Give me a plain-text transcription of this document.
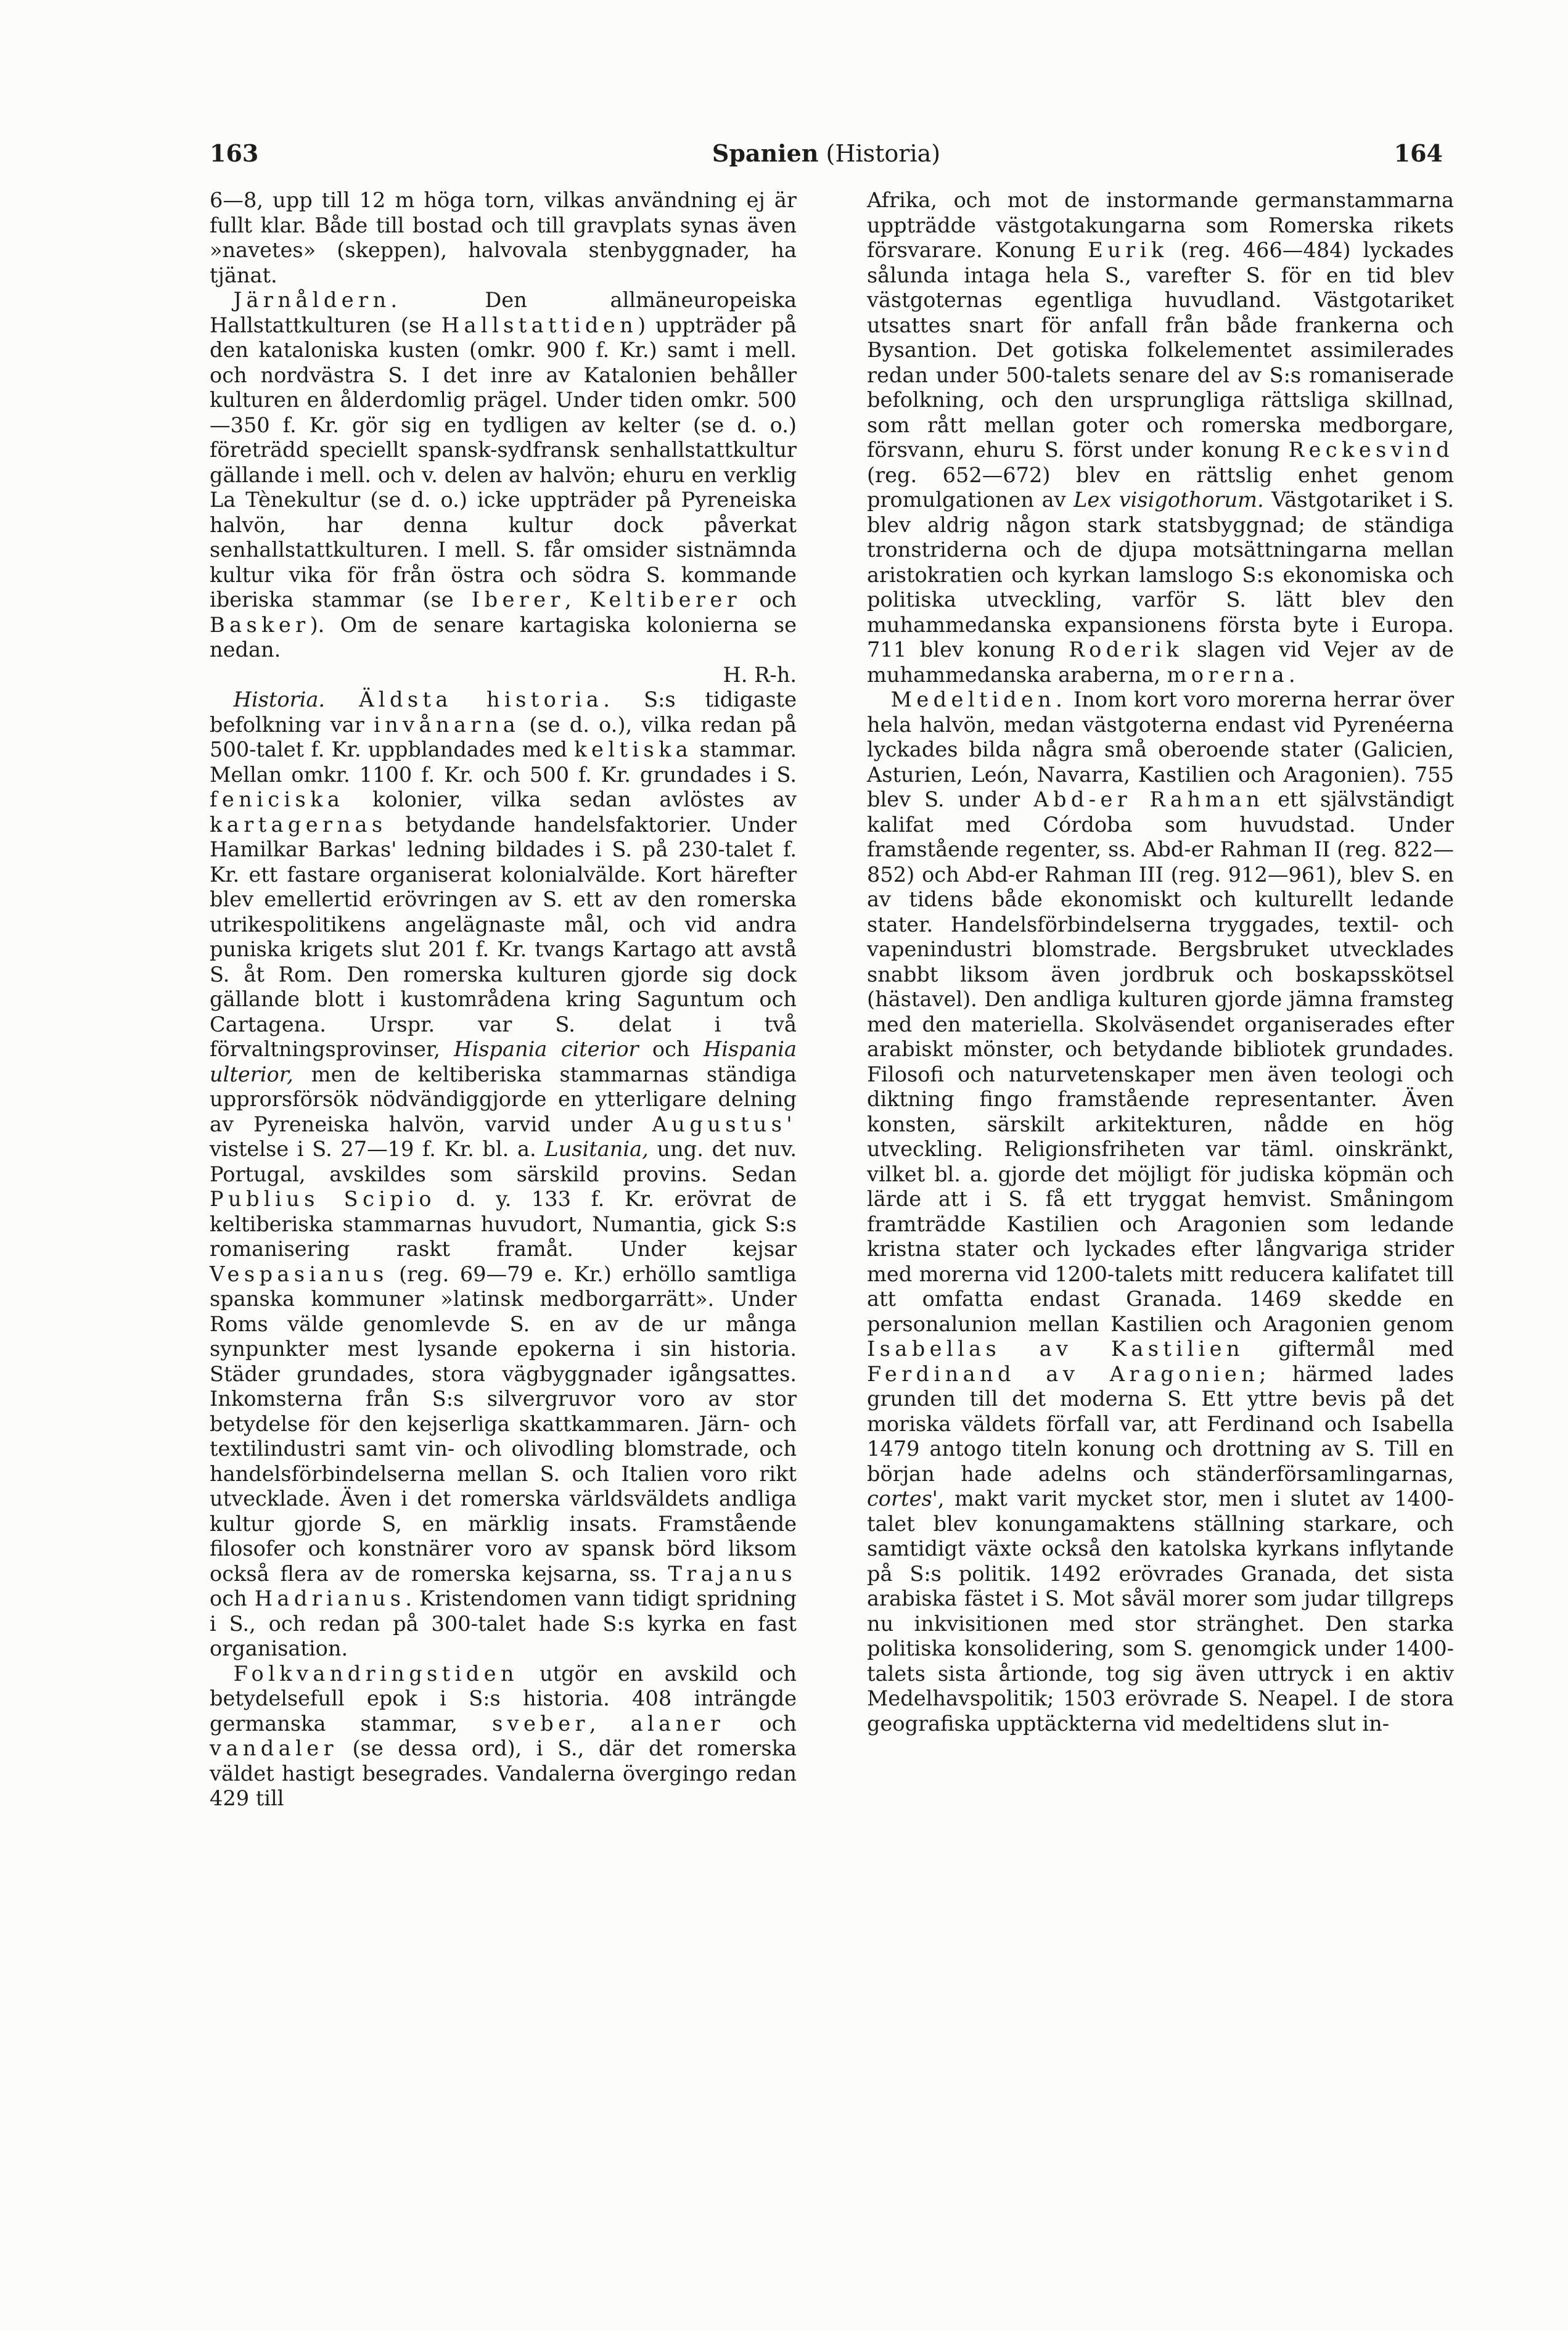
163	Spanien (Historia)	164

6—8, upp till 12 m höga torn, vilkas användning ej är fullt klar. Både till bostad och till gravplats synas även »navetes» (skeppen), halvovala stenbyggnader, ha tjänat.

Järnåldern. Den allmäneuropeiska Hallstattkulturen (se Hallstattiden) uppträder på den kataloniska kusten (omkr. 900 f. Kr.) samt i mell. och nordvästra S. I det inre av Katalonien behåller kulturen en ålderdomlig prägel. Under tiden omkr. 500—350 f. Kr. gör sig en tydligen av kelter (se d. o.) företrädd speciellt spansk-sydfransk senhallstattkultur gällande i mell. och v. delen av halvön; ehuru en verklig La Tènekultur (se d. o.) icke uppträder på Pyreneiska halvön, har denna kultur dock påverkat senhallstattkulturen. I mell. S. får omsider sistnämnda kultur vika för från östra och södra S. kommande iberiska stammar (se Iberer, Keltiberer och Basker). Om de senare kartagiska kolonierna se nedan.
H. R-h.

Historia. Äldsta historia. S:s tidigaste befolkning var invånarna (se d. o.), vilka redan på 500-talet f. Kr. uppblandades med keltiska stammar. Mellan omkr. 1100 f. Kr. och 500 f. Kr. grundades i S. feniciska kolonier, vilka sedan avlöstes av kartagernas betydande handelsfaktorier. Under Hamilkar Barkas' ledning bildades i S. på 230-talet f. Kr. ett fastare organiserat kolonialvälde. Kort härefter blev emellertid erövringen av S. ett av den romerska utrikespolitikens angelägnaste mål, och vid andra puniska krigets slut 201 f. Kr. tvangs Kartago att avstå S. åt Rom. Den romerska kulturen gjorde sig dock gällande blott i kustområdena kring Saguntum och Cartagena. Urspr. var S. delat i två förvaltningsprovinser, Hispania citerior och Hispania ulterior, men de keltiberiska stammarnas ständiga upprorsförsök nödvändiggjorde en ytterligare delning av Pyreneiska halvön, varvid under Augustus' vistelse i S. 27—19 f. Kr. bl. a. Lusitania, ung. det nuv. Portugal, avskildes som särskild provins. Sedan Publius Scipio d. y. 133 f. Kr. erövrat de keltiberiska stammarnas huvudort, Numantia, gick S:s romanisering raskt framåt. Under kejsar Vespasianus (reg. 69—79 e. Kr.) erhöllo samtliga spanska kommuner »latinsk medborgarrätt». Under Roms välde genomlevde S. en av de ur många synpunkter mest lysande epokerna i sin historia. Städer grundades, stora vägbyggnader igångsattes. Inkomsterna från S:s silvergruvor voro av stor betydelse för den kejserliga skattkammaren. Järn- och textilindustri samt vin- och olivodling blomstrade, och handelsförbindelserna mellan S. och Italien voro rikt utvecklade. Även i det romerska världsväldets andliga kultur gjorde S, en märklig insats. Framstående filosofer och konstnärer voro av spansk börd liksom också flera av de romerska kejsarna, ss. Trajanus och Hadrianus. Kristendomen vann tidigt spridning i S., och redan på 300-talet hade S:s kyrka en fast organisation.

Folkvandringstiden utgör en avskild och betydelsefull epok i S:s historia. 408 inträngde germanska stammar, sveber, alaner och vandaler (se dessa ord), i S., där det romerska väldet hastigt besegrades. Vandalerna övergingo redan 429 till

Afrika, och mot de instormande germanstammarna uppträdde västgotakungarna som Romerska rikets försvarare. Konung Eurik (reg. 466—484) lyckades sålunda intaga hela S., varefter S. för en tid blev västgoternas egentliga huvudland. Västgotariket utsattes snart för anfall från både frankerna och Bysantion. Det gotiska folkelementet assimilerades redan under 500-talets senare del av S:s romaniserade befolkning, och den ursprungliga rättsliga skillnad, som rått mellan goter och romerska medborgare, försvann, ehuru S. först under konung Reckesvind (reg. 652—672) blev en rättslig enhet genom promulgationen av Lex visigothorum. Västgotariket i S. blev aldrig någon stark statsbyggnad; de ständiga tronstriderna och de djupa motsättningarna mellan aristokratien och kyrkan lamslogo S:s ekonomiska och politiska utveckling, varför S. lätt blev den muhammedanska expansionens första byte i Europa. 711 blev konung Roderik slagen vid Vejer av de muhammedanska araberna, morerna.

Medeltiden. Inom kort voro morerna herrar över hela halvön, medan västgoterna endast vid Pyrenéerna lyckades bilda några små oberoende stater (Galicien, Asturien, León, Navarra, Kastilien och Aragonien). 755 blev S. under Abd-er Rahman ett självständigt kalifat med Córdoba som huvudstad. Under framstående regenter, ss. Abd-er Rahman II (reg. 822—852) och Abd-er Rahman III (reg. 912—961), blev S. en av tidens både ekonomiskt och kulturellt ledande stater. Handelsförbindelserna tryggades, textil- och vapenindustri blomstrade. Bergsbruket utvecklades snabbt liksom även jordbruk och boskapsskötsel (hästavel). Den andliga kulturen gjorde jämna framsteg med den materiella. Skolväsendet organiserades efter arabiskt mönster, och betydande bibliotek grundades. Filosofi och naturvetenskaper men även teologi och diktning fingo framstående representanter. Även konsten, särskilt arkitekturen, nådde en hög utveckling. Religionsfriheten var täml. oinskränkt, vilket bl. a. gjorde det möjligt för judiska köpmän och lärde att i S. få ett tryggat hemvist. Småningom framträdde Kastilien och Aragonien som ledande kristna stater och lyckades efter långvariga strider med morerna vid 1200-talets mitt reducera kalifatet till att omfatta endast Granada. 1469 skedde en personalunion mellan Kastilien och Aragonien genom Isabellas av Kastilien giftermål med Ferdinand av Aragonien; härmed lades grunden till det moderna S. Ett yttre bevis på det moriska väldets förfall var, att Ferdinand och Isabella 1479 antogo titeln konung och drottning av S. Till en början hade adelns och ständerförsamlingarnas, cortes', makt varit mycket stor, men i slutet av 1400-talet blev konungamaktens ställning starkare, och samtidigt växte också den katolska kyrkans inflytande på S:s politik. 1492 erövrades Granada, det sista arabiska fästet i S. Mot såväl morer som judar tillgreps nu inkvisitionen med stor stränghet. Den starka politiska konsolidering, som S. genomgick under 1400-talets sista årtionde, tog sig även uttryck i en aktiv Medelhavspolitik; 1503 erövrade S. Neapel. I de stora geografiska upptäckterna vid medeltidens slut in-
